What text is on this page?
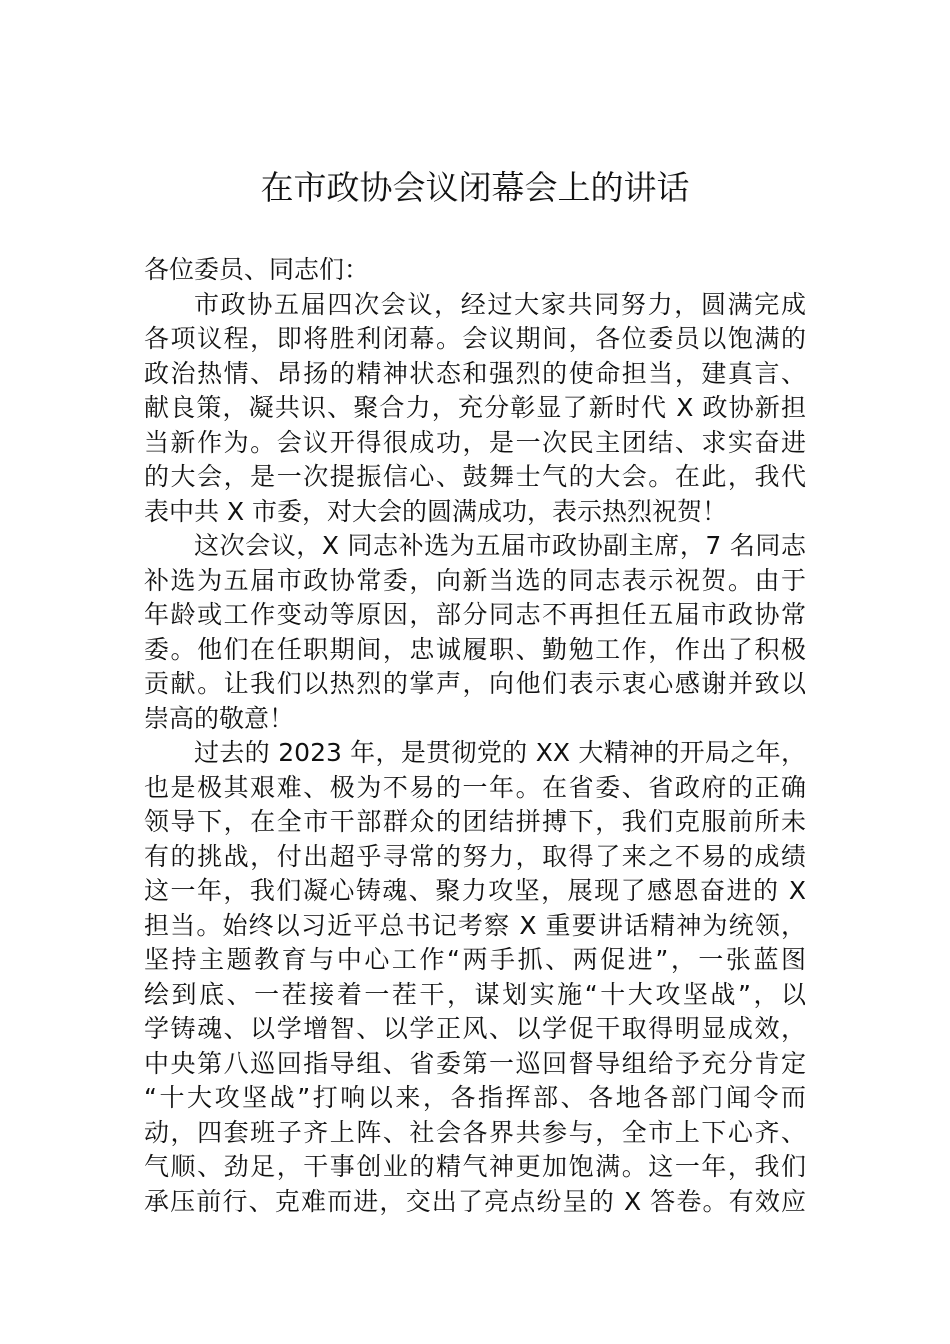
在市政协会议闭幕会上的讲话
各位委员、同志们：
市政协五届四次会议，经过大家共同努力，圆满完成
各项议程，即将胜利闭幕。会议期间，各位委员以饱满的
政治热情、昂扬的精神状态和强烈的使命担当，建真言、
献良策，凝共识、聚合力，充分彰显了新时代 X 政协新担
当新作为。会议开得很成功，是一次民主团结、求实奋进
的大会，是一次提振信心、鼓舞士气的大会。在此，我代
表中共 X 市委，对大会的圆满成功，表示热烈祝贺！
这次会议，X 同志补选为五届市政协副主席，7 名同志
补选为五届市政协常委，向新当选的同志表示祝贺。由于
年龄或工作变动等原因，部分同志不再担任五届市政协常
委。他们在任职期间，忠诚履职、勤勉工作，作出了积极
贡献。让我们以热烈的掌声，向他们表示衷心感谢并致以
崇高的敬意！
过去的 2023 年，是贯彻党的 XX 大精神的开局之年，
也是极其艰难、极为不易的一年。在省委、省政府的正确
领导下，在全市干部群众的团结拼搏下，我们克服前所未
有的挑战，付出超乎寻常的努力，取得了来之不易的成绩
这一年，我们凝心铸魂、聚力攻坚，展现了感恩奋进的 X
担当。始终以习近平总书记考察 X 重要讲话精神为统领，
坚持主题教育与中心工作“两手抓、两促进”，一张蓝图
绘到底、一茬接着一茬干，谋划实施“十大攻坚战”，以
学铸魂、以学增智、以学正风、以学促干取得明显成效，
中央第八巡回指导组、省委第一巡回督导组给予充分肯定
“十大攻坚战”打响以来，各指挥部、各地各部门闻令而
动，四套班子齐上阵、社会各界共参与，全市上下心齐、
气顺、劲足，干事创业的精气神更加饱满。这一年，我们
承压前行、克难而进，交出了亮点纷呈的 X 答卷。有效应
